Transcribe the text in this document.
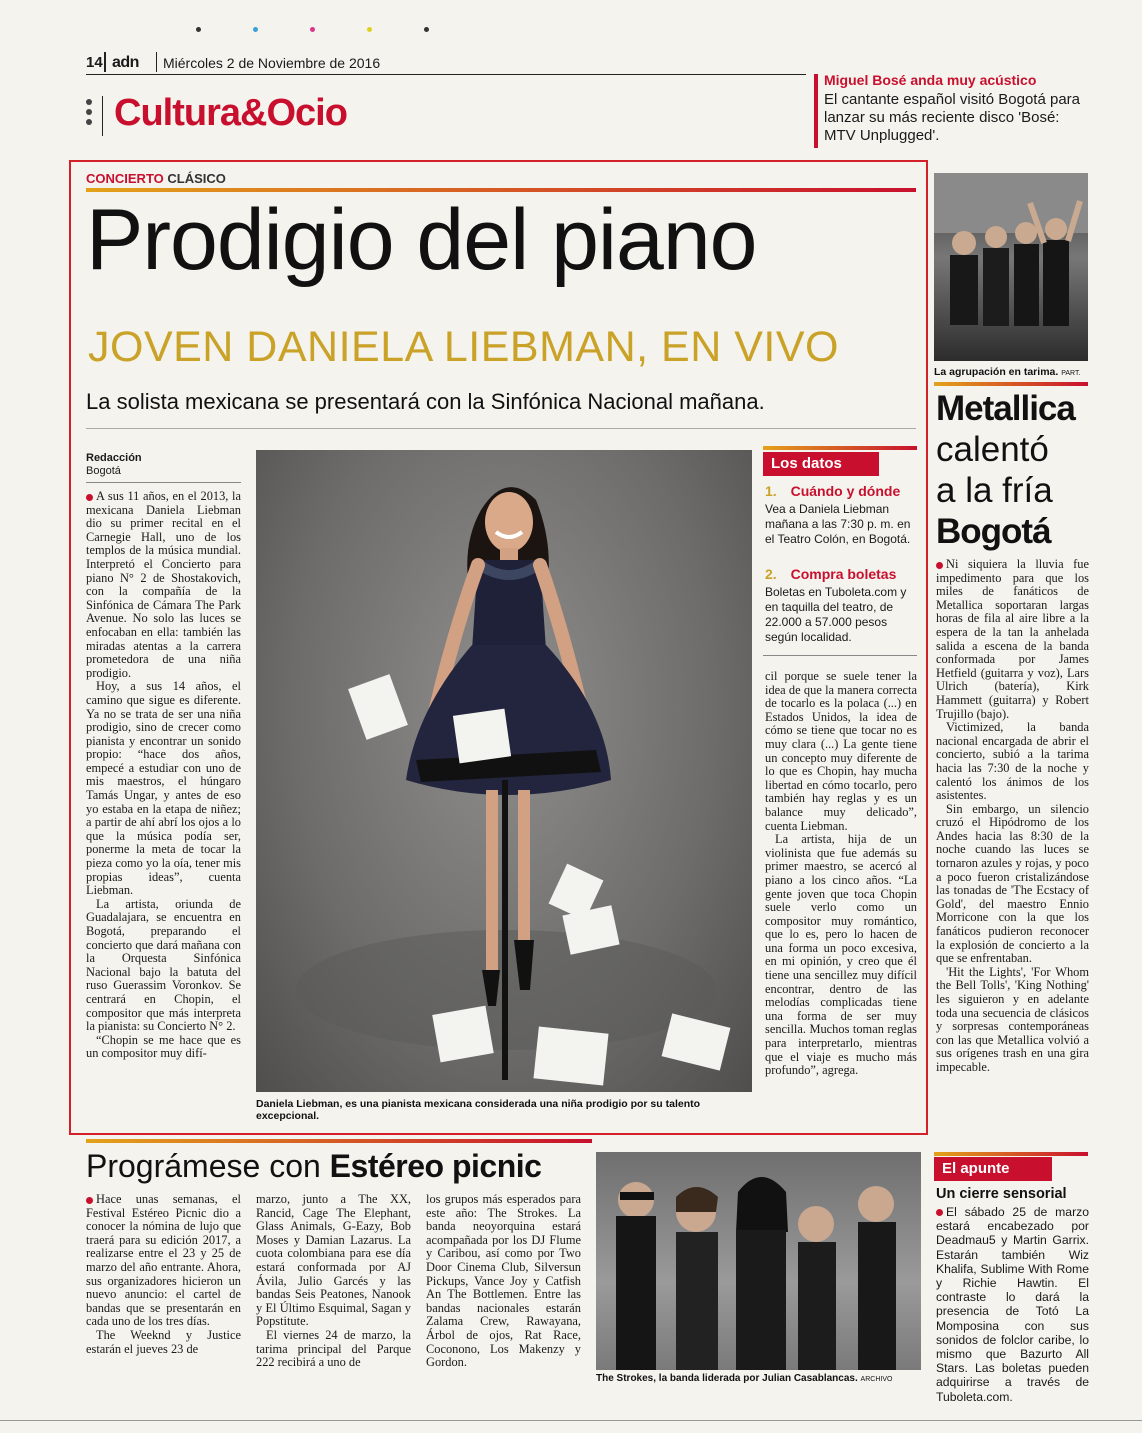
14 adn Miércoles 2 de Noviembre de 2016
Cultura&Ocio
Miguel Bosé anda muy acústico
El cantante español visitó Bogotá para lanzar su más reciente disco 'Bosé: MTV Unplugged'.
CONCIERTO CLÁSICO
Prodigio del piano
JOVEN DANIELA LIEBMAN, EN VIVO
La solista mexicana se presentará con la Sinfónica Nacional mañana.
Redacción
Bogotá

A sus 11 años, en el 2013, la mexicana Daniela Liebman dio su primer recital en el Carnegie Hall, uno de los templos de la música mundial. Interpretó el Concierto para piano N° 2 de Shostakovich, con la compañía de la Sinfónica de Cámara The Park Avenue. No solo las luces se enfocaban en ella: también las miradas atentas a la carrera prometedora de una niña prodigio.

Hoy, a sus 14 años, el camino que sigue es diferente. Ya no se trata de ser una niña prodigio, sino de crecer como pianista y encontrar un sonido propio: “hace dos años, empecé a estudiar con uno de mis maestros, el húngaro Tamás Ungar, y antes de eso yo estaba en la etapa de niñez; a partir de ahí abrí los ojos a lo que la música podía ser, ponerme la meta de tocar la pieza como yo la oía, tener mis propias ideas”, cuenta Liebman.

La artista, oriunda de Guadalajara, se encuentra en Bogotá, preparando el concierto que dará mañana con la Orquesta Sinfónica Nacional bajo la batuta del ruso Guerassim Voronkov. Se centrará en Chopin, el compositor que más interpreta la pianista: su Concierto N° 2.

“Chopin se me hace que es un compositor muy difí-

Daniela Liebman, es una pianista mexicana considerada una niña prodigio por su talento excepcional.
Los datos
1. Cuándo y dónde
Vea a Daniela Liebman mañana a las 7:30 p. m. en el Teatro Colón, en Bogotá.
2. Compra boletas
Boletas en Tuboleta.com y en taquilla del teatro, de 22.000 a 57.000 pesos según localidad.

cil porque se suele tener la idea de que la manera correcta de tocarlo es la polaca (...) en Estados Unidos, la idea de cómo se tiene que tocar no es muy clara (...) La gente tiene un concepto muy diferente de lo que es Chopin, hay mucha libertad en cómo tocarlo, pero también hay reglas y es un balance muy delicado”, cuenta Liebman.

La artista, hija de un violinista que fue además su primer maestro, se acercó al piano a los cinco años. “La gente joven que toca Chopin suele verlo como un compositor muy romántico, que lo es, pero lo hacen de una forma un poco excesiva, en mi opinión, y creo que él tiene una sencillez muy difícil encontrar, dentro de las melodías complicadas tiene una forma de ser muy sencilla. Muchos toman reglas para interpretarlo, mientras que el viaje es mucho más profundo”, agrega.

La agrupación en tarima. PART.
Metallica
calentó
a la fría
Bogotá

Ni siquiera la lluvia fue impedimento para que los miles de fanáticos de Metallica soportaran largas horas de fila al aire libre a la espera de la tan la anhelada salida a escena de la banda conformada por James Hetfield (guitarra y voz), Lars Ulrich (batería), Kirk Hammett (guitarra) y Robert Trujillo (bajo).

Victimized, la banda nacional encargada de abrir el concierto, subió a la tarima hacia las 7:30 de la noche y calentó los ánimos de los asistentes.

Sin embargo, un silencio cruzó el Hipódromo de los Andes hacia las 8:30 de la noche cuando las luces se tornaron azules y rojas, y poco a poco fueron cristalizándose las tonadas de 'The Ecstacy of Gold', del maestro Ennio Morricone con la que los fanáticos pudieron reconocer la explosión de concierto a la que se enfrentaban.

'Hit the Lights', 'For Whom the Bell Tolls', 'King Nothing' les siguieron y en adelante toda una secuencia de clásicos y sorpresas contemporáneas con las que Metallica volvió a sus orígenes trash en una gira impecable.

Prográmese con Estéreo picnic

Hace unas semanas, el Festival Estéreo Picnic dio a conocer la nómina de lujo que traerá para su edición 2017, a realizarse entre el 23 y 25 de marzo del año entrante. Ahora, sus organizadores hicieron un nuevo anuncio: el cartel de bandas que se presentarán en cada uno de los tres días.

The Weeknd y Justice estarán el jueves 23 de

marzo, junto a The XX, Rancid, Cage The Elephant, Glass Animals, G-Eazy, Bob Moses y Damian Lazarus. La cuota colombiana para ese día estará conformada por AJ Ávila, Julio Garcés y las bandas Seis Peatones, Nanook y El Último Esquimal, Sagan y Popstitute.

El viernes 24 de marzo, la tarima principal del Parque 222 recibirá a uno de

los grupos más esperados para este año: The Strokes. La banda neoyorquina estará acompañada por los DJ Flume y Caribou, así como por Two Door Cinema Club, Silversun Pickups, Vance Joy y Catfish An The Bottlemen. Entre las bandas nacionales estarán Zalama Crew, Rawayana, Árbol de ojos, Rat Race, Coconono, Los Makenzy y Gordon.

The Strokes, la banda liderada por Julian Casablancas. ARCHIVO
El apunte
Un cierre sensorial
El sábado 25 de marzo estará encabezado por Deadmau5 y Martin Garrix. Estarán también Wiz Khalifa, Sublime With Rome y Richie Hawtin. El contraste lo dará la presencia de Totó La Momposina con sus sonidos de folclor caribe, lo mismo que Bazurto All Stars. Las boletas pueden adquirirse a través de Tuboleta.com.
